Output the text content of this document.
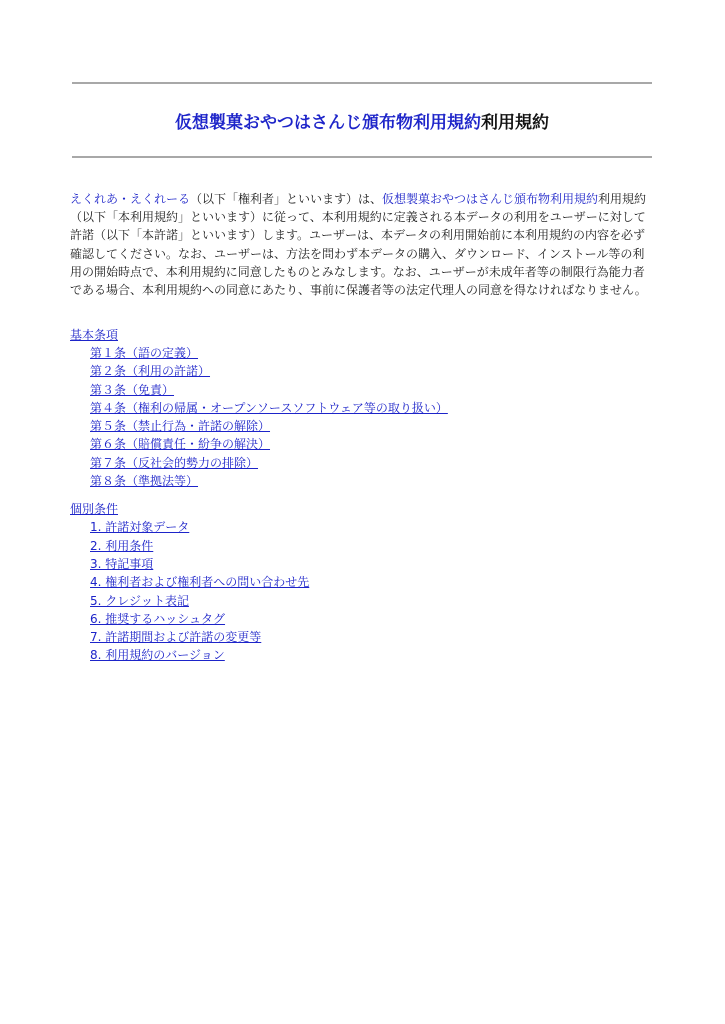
仮想製菓おやつはさんじ頒布物利用規約利用規約

えくれあ・えくれーる（以下「権利者」といいます）は、仮想製菓おやつはさんじ頒布物利用規約利用規約（以下「本利用規約」といいます）に従って、本利用規約に定義される本データの利用をユーザーに対して許諾（以下「本許諾」といいます）します。ユーザーは、本データの利用開始前に本利用規約の内容を必ず確認してください。なお、ユーザーは、方法を問わず本データの購入、ダウンロード、インストール等の利用の開始時点で、本利用規約に同意したものとみなします。なお、ユーザーが未成年者等の制限行為能力者である場合、本利用規約への同意にあたり、事前に保護者等の法定代理人の同意を得なければなりません。

基本条項
第１条（語の定義）
第２条（利用の許諾）
第３条（免責）
第４条（権利の帰属・オープンソースソフトウェア等の取り扱い）
第５条（禁止行為・許諾の解除）
第６条（賠償責任・紛争の解決）
第７条（反社会的勢力の排除）
第８条（準拠法等）
個別条件
1. 許諾対象データ
2. 利用条件
3. 特記事項
4. 権利者および権利者への問い合わせ先
5. クレジット表記
6. 推奨するハッシュタグ
7. 許諾期間および許諾の変更等
8. 利用規約のバージョン
